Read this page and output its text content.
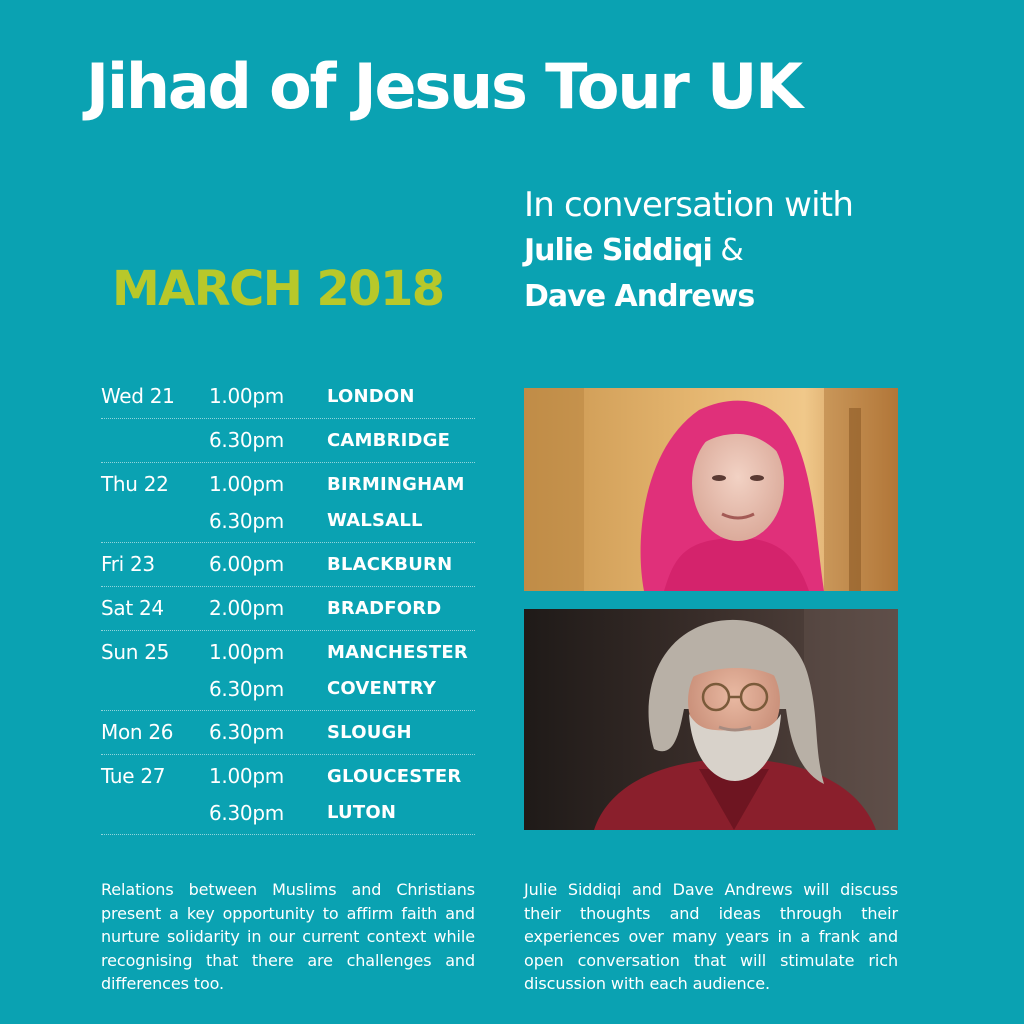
Jihad of Jesus Tour UK
MARCH 2018
In conversation with
Julie Siddiqi &
Dave Andrews
Wed 21	1.00pm	LONDON
6.30pm	CAMBRIDGE
Thu 22	1.00pm	BIRMINGHAM
6.30pm	WALSALL
Fri 23	6.00pm	BLACKBURN
Sat 24	2.00pm	BRADFORD
Sun 25	1.00pm	MANCHESTER
6.30pm	COVENTRY
Mon 26	6.30pm	SLOUGH
Tue 27	1.00pm	GLOUCESTER
6.30pm	LUTON
Relations between Muslims and Christians present a key opportunity to affirm faith and nurture solidarity in our current context while recognising that there are challenges and differences too.
Julie Siddiqi and Dave Andrews will discuss their thoughts and ideas through their experiences over many years in a frank and open conversation that will stimulate rich discussion with each audience.
